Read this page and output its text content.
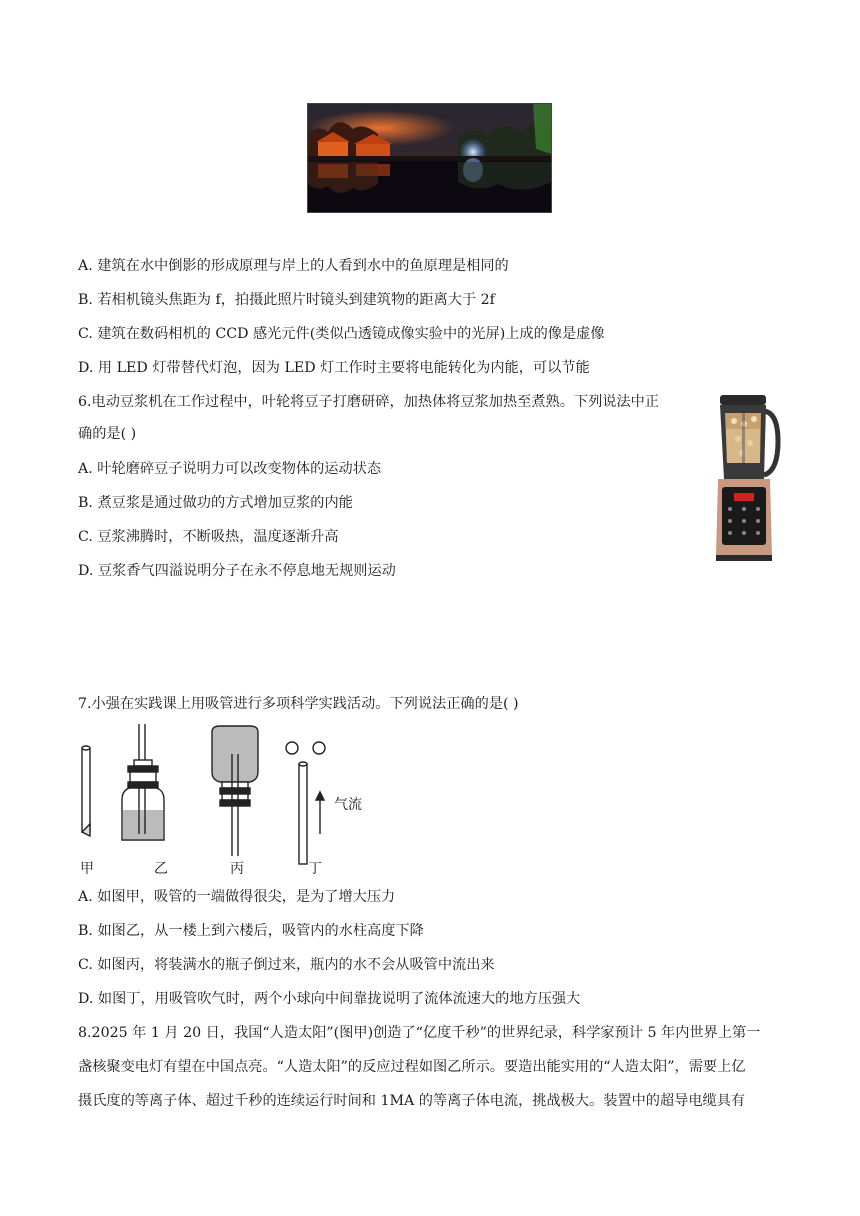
A. 建筑在水中倒影的形成原理与岸上的人看到水中的鱼原理是相同的
B. 若相机镜头焦距为 f，拍摄此照片时镜头到建筑物的距离大于 2f
C. 建筑在数码相机的 CCD 感光元件(类似凸透镜成像实验中的光屏)上成的像是虚像
D. 用 LED 灯带替代灯泡，因为 LED 灯工作时主要将电能转化为内能，可以节能
6.电动豆浆机在工作过程中，叶轮将豆子打磨研碎，加热体将豆浆加热至煮熟。下列说法中正
确的是( )
A. 叶轮磨碎豆子说明力可以改变物体的运动状态
B. 煮豆浆是通过做功的方式增加豆浆的内能
C. 豆浆沸腾时，不断吸热，温度逐渐升高
D. 豆浆香气四溢说明分子在永不停息地无规则运动
7.小强在实践课上用吸管进行多项科学实践活动。下列说法正确的是( )
气流
甲	乙	丙	丁
A. 如图甲，吸管的一端做得很尖，是为了增大压力
B. 如图乙，从一楼上到六楼后，吸管内的水柱高度下降
C. 如图丙，将装满水的瓶子倒过来，瓶内的水不会从吸管中流出来
D. 如图丁，用吸管吹气时，两个小球向中间靠拢说明了流体流速大的地方压强大
8.2025 年 1 月 20 日，我国“人造太阳”(图甲)创造了“亿度千秒”的世界纪录，科学家预计 5 年内世界上第一
盏核聚变电灯有望在中国点亮。“人造太阳”的反应过程如图乙所示。要造出能实用的“人造太阳”，需要上亿
摄氏度的等离子体、超过千秒的连续运行时间和 1MA 的等离子体电流，挑战极大。装置中的超导电缆具有
